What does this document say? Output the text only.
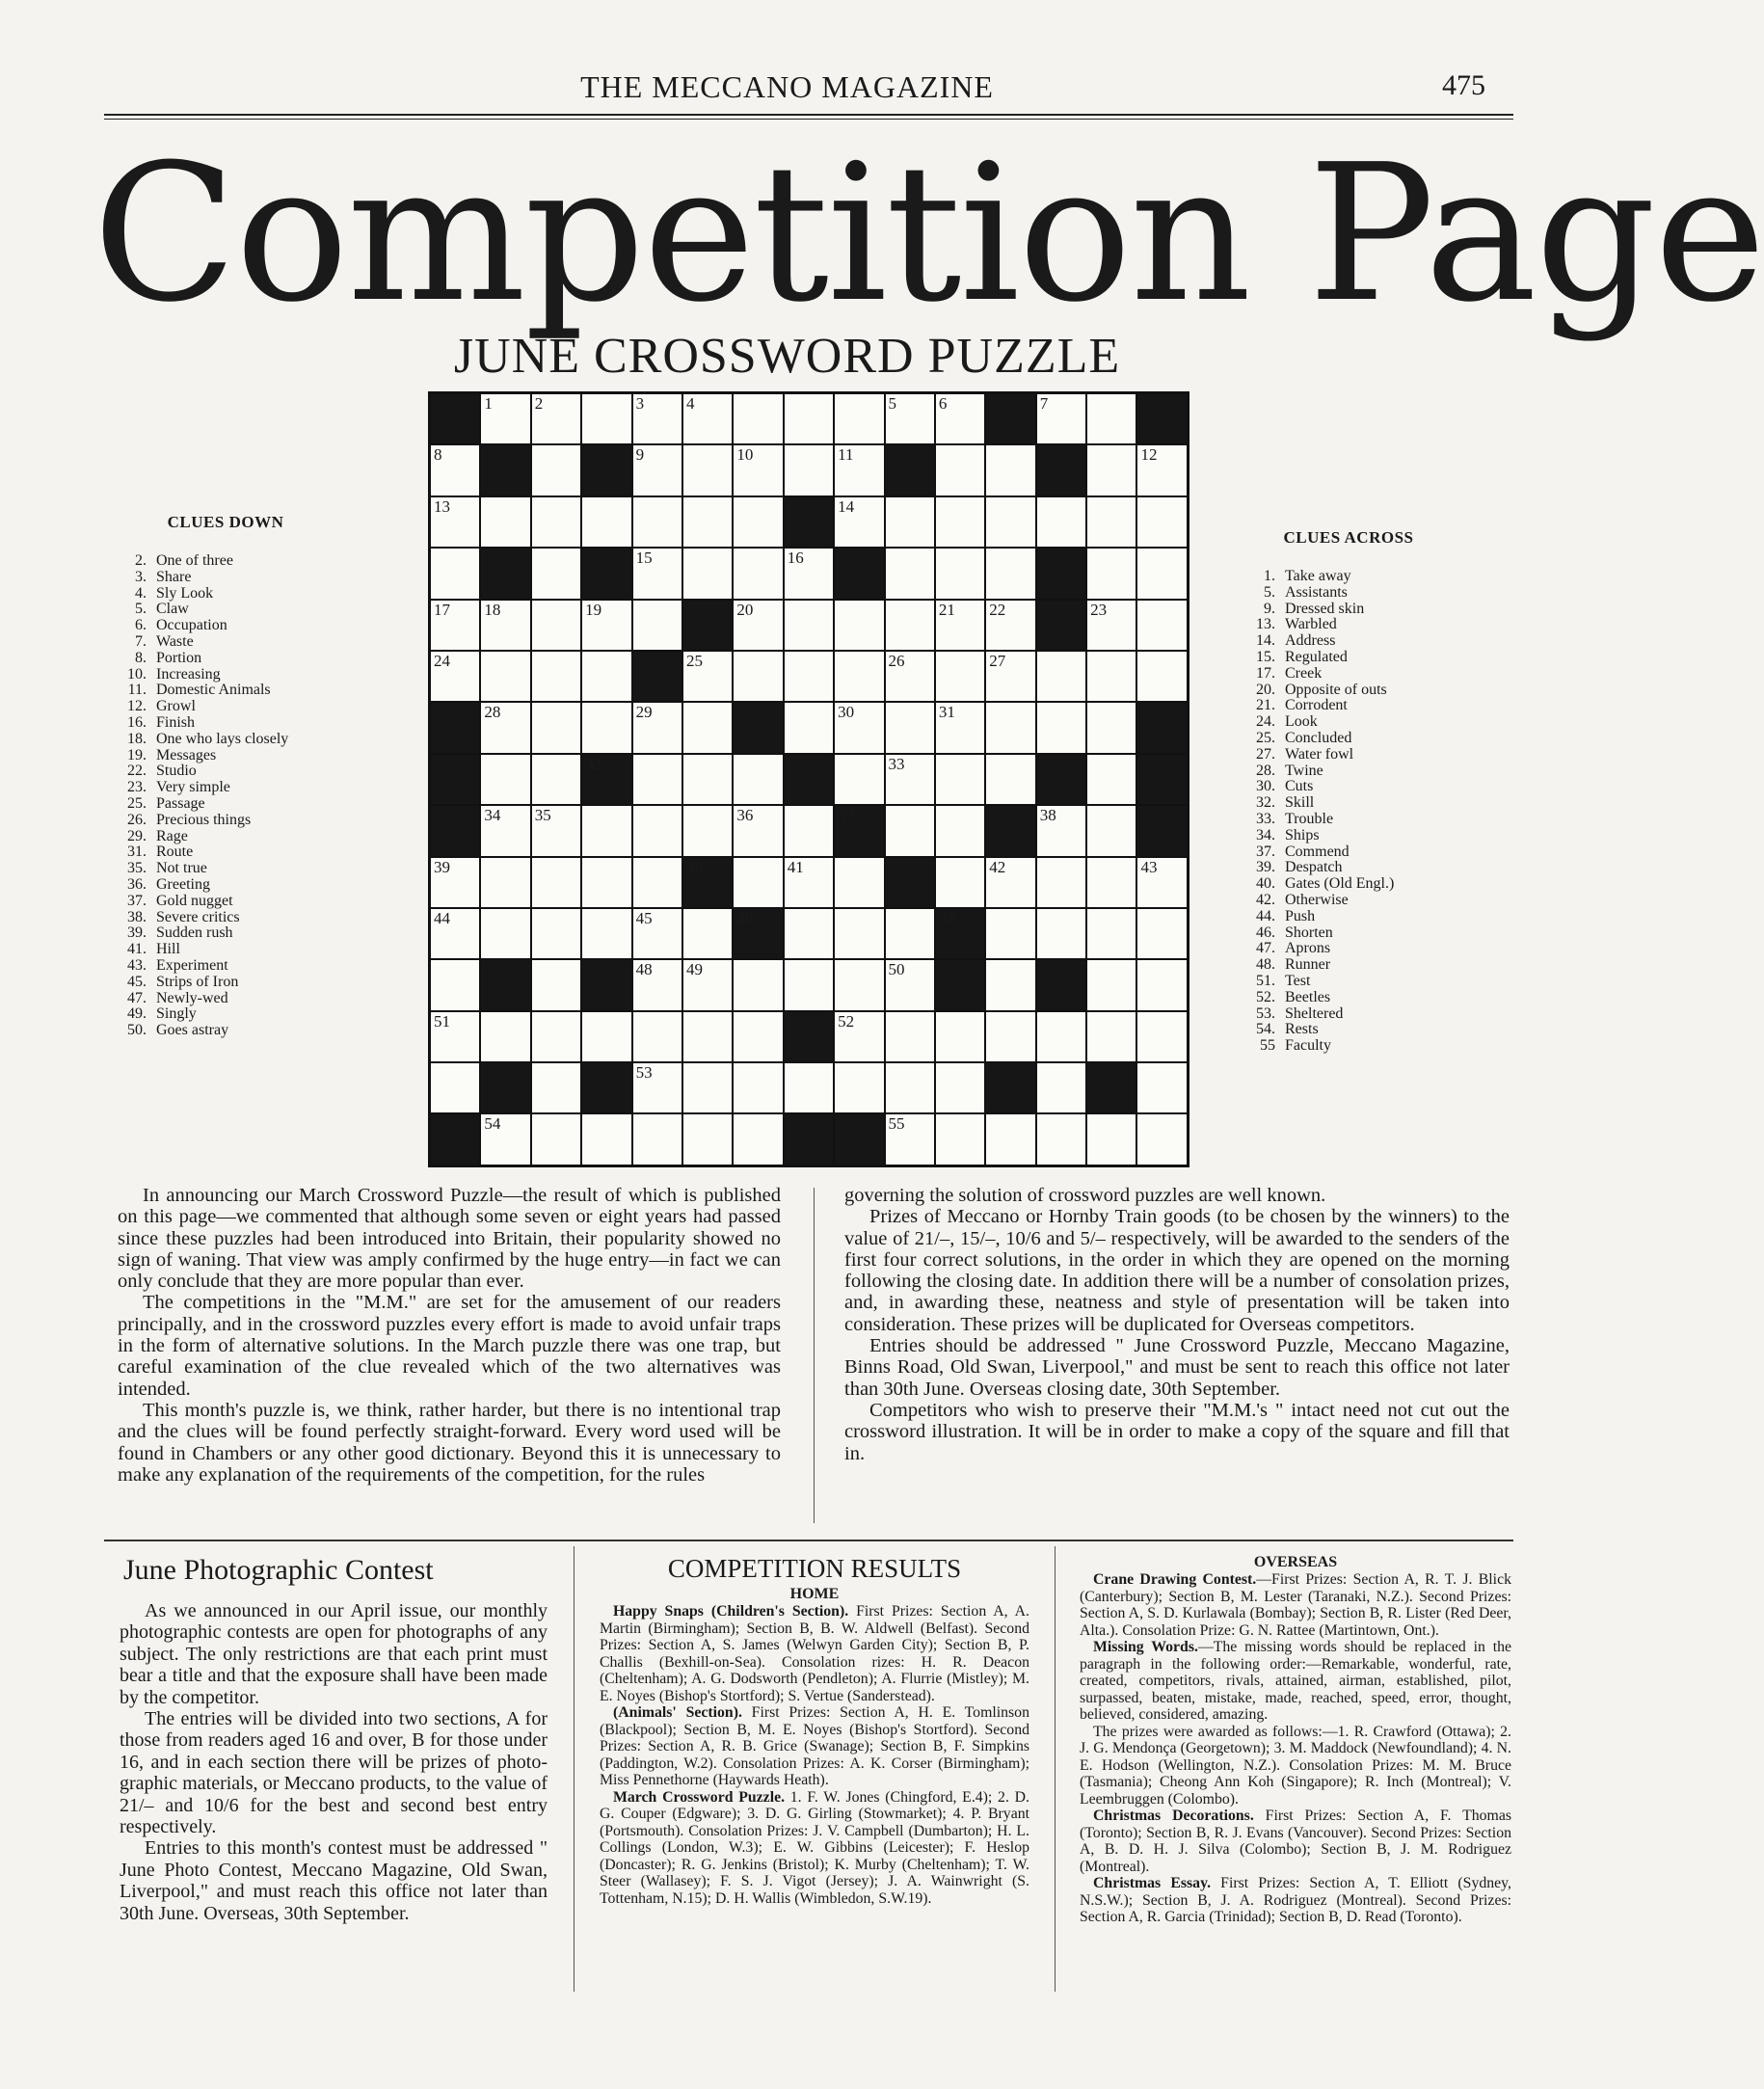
THE MECCANO MAGAZINE	475
Competition Page
JUNE CROSSWORD PUZZLE
1	2	3	4	5	6	7
8	9	10	11	12
13	14
15	16
17 18	19	20	21 22	23
24	25	26	27
28	29	30	31
32	33
34 35	36	37	38
39	40	41	42	43
44	45	46	47
48 49	50
51	52
53
54	55
CLUES DOWN
2. One of three
3. Share
4. Sly Look
5. Claw
6. Occupation
7. Waste
8. Portion
10. Increasing
11. Domestic Animals
12. Growl
16. Finish
18. One who lays closely
19. Messages
22. Studio
23. Very simple
25. Passage
26. Precious things
29. Rage
31. Route
35. Not true
36. Greeting
37. Gold nugget
38. Severe critics
39. Sudden rush
41. Hill
43. Experiment
45. Strips of Iron
47. Newly-wed
49. Singly
50. Goes astray
CLUES ACROSS
1. Take away
5. Assistants
9. Dressed skin
13. Warbled
14. Address
15. Regulated
17. Creek
20. Opposite of outs
21. Corrodent
24. Look
25. Concluded
27. Water fowl
28. Twine
30. Cuts
32. Skill
33. Trouble
34. Ships
37. Commend
39. Despatch
40. Gates (Old Engl.)
42. Otherwise
44. Push
46. Shorten
47. Aprons
48. Runner
51. Test
52. Beetles
53. Sheltered
54. Rests
55 Faculty

In announcing our March Crossword Puzzle—the result of which is published on this page—we commented that although some seven or eight years had passed since these puzzles had been introduced into Britain, their popularity showed no sign of waning. That view was amply confirmed by the huge entry—in fact we can only conclude that they are more popular than ever.

The competitions in the "M.M." are set for the amusement of our readers principally, and in the crossword puzzles every effort is made to avoid unfair traps in the form of alternative solutions. In the March puzzle there was one trap, but careful examination of the clue revealed which of the two alternatives was intended.

This month's puzzle is, we think, rather harder, but there is no intentional trap and the clues will be found perfectly straight-forward. Every word used will be found in Chambers or any other good dictionary. Beyond this it is unnecessary to make any explanation of the requirements of the competition, for the rules

governing the solution of crossword puzzles are well known.

Prizes of Meccano or Hornby Train goods (to be chosen by the winners) to the value of 21/–, 15/–, 10/6 and 5/– respectively, will be awarded to the senders of the first four correct solutions, in the order in which they are opened on the morning following the closing date. In addition there will be a number of consolation prizes, and, in awarding these, neatness and style of presentation will be taken into consideration. These prizes will be duplicated for Overseas competitors.

Entries should be addressed " June Crossword Puzzle, Meccano Magazine, Binns Road, Old Swan, Liverpool," and must be sent to reach this office not later than 30th June. Overseas closing date, 30th September.

Competitors who wish to preserve their "M.M.'s " intact need not cut out the crossword illustration. It will be in order to make a copy of the square and fill that in.

June Photographic Contest

As we announced in our April issue, our monthly photographic contests are open for photographs of any subject. The only restrictions are that each print must bear a title and that the exposure shall have been made by the competitor.

The entries will be divided into two sections, A for those from readers aged 16 and over, B for those under 16, and in each section there will be prizes of photo-graphic materials, or Meccano products, to the value of 21/– and 10/6 for the best and second best entry respectively.

Entries to this month's contest must be addressed " June Photo Contest, Meccano Magazine, Old Swan, Liverpool," and must reach this office not later than 30th June. Overseas, 30th September.

COMPETITION RESULTS
HOME

Happy Snaps (Children's Section). First Prizes: Section A, A. Martin (Birmingham); Section B, B. W. Aldwell (Belfast). Second Prizes: Section A, S. James (Welwyn Garden City); Section B, P. Challis (Bexhill-on-Sea). Consolation rizes: H. R. Deacon (Cheltenham); A. G. Dodsworth (Pendleton); A. Flurrie (Mistley); M. E. Noyes (Bishop's Stortford); S. Vertue (Sanderstead).

(Animals' Section). First Prizes: Section A, H. E. Tomlinson (Blackpool); Section B, M. E. Noyes (Bishop's Stortford). Second Prizes: Section A, R. B. Grice (Swanage); Section B, F. Simpkins (Paddington, W.2). Consolation Prizes: A. K. Corser (Birmingham); Miss Pennethorne (Haywards Heath).

March Crossword Puzzle. 1. F. W. Jones (Chingford, E.4); 2. D. G. Couper (Edgware); 3. D. G. Girling (Stowmarket); 4. P. Bryant (Portsmouth). Consolation Prizes: J. V. Campbell (Dumbarton); H. L. Collings (London, W.3); E. W. Gibbins (Leicester); F. Heslop (Doncaster); R. G. Jenkins (Bristol); K. Murby (Cheltenham); T. W. Steer (Wallasey); F. S. J. Vigot (Jersey); J. A. Wainwright (S. Tottenham, N.15); D. H. Wallis (Wimbledon, S.W.19).

OVERSEAS

Crane Drawing Contest.—First Prizes: Section A, R. T. J. Blick (Canterbury); Section B, M. Lester (Taranaki, N.Z.). Second Prizes: Section A, S. D. Kurlawala (Bombay); Section B, R. Lister (Red Deer, Alta.). Consolation Prize: G. N. Rattee (Martintown, Ont.).

Missing Words.—The missing words should be replaced in the paragraph in the following order:—Remarkable, wonderful, rate, created, competitors, rivals, attained, airman, established, pilot, surpassed, beaten, mistake, made, reached, speed, error, thought, believed, considered, amazing.

The prizes were awarded as follows:—1. R. Crawford (Ottawa); 2. J. G. Mendonça (Georgetown); 3. M. Maddock (Newfoundland); 4. N. E. Hodson (Wellington, N.Z.). Consolation Prizes: M. M. Bruce (Tasmania); Cheong Ann Koh (Singapore); R. Inch (Montreal); V. Leembruggen (Colombo).

Christmas Decorations. First Prizes: Section A, F. Thomas (Toronto); Section B, R. J. Evans (Vancouver). Second Prizes: Section A, B. D. H. J. Silva (Colombo); Section B, J. M. Rodriguez (Montreal).

Christmas Essay. First Prizes: Section A, T. Elliott (Sydney, N.S.W.); Section B, J. A. Rodriguez (Montreal). Second Prizes: Section A, R. Garcia (Trinidad); Section B, D. Read (Toronto).
